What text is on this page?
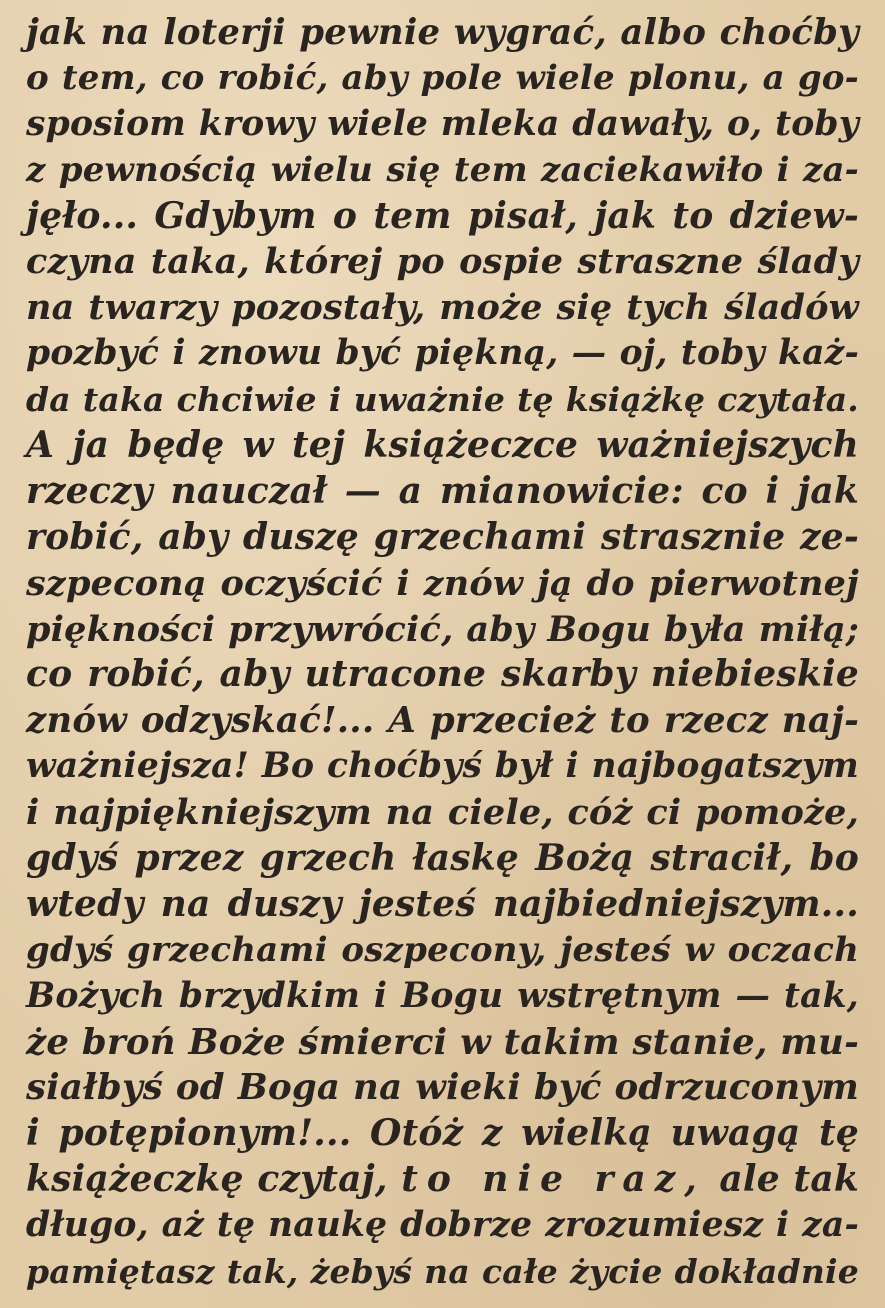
jak na loterji pewnie wygrać, albo choćby
o tem, co robić, aby pole wiele plonu, a go-
sposiom krowy wiele mleka dawały, o, toby
z pewnością wielu się tem zaciekawiło i za-
jęło... Gdybym o tem pisał, jak to dziew-
czyna taka, której po ospie straszne ślady
na twarzy pozostały, może się tych śladów
pozbyć i znowu być piękną, — oj, toby każ-
da taka chciwie i uważnie tę książkę czytała.
A ja będę w tej książeczce ważniejszych
rzeczy nauczał — a mianowicie: co i jak
robić, aby duszę grzechami strasznie ze-
szpeconą oczyścić i znów ją do pierwotnej
piękności przywrócić, aby Bogu była miłą;
co robić, aby utracone skarby niebieskie
znów odzyskać!... A przecież to rzecz naj-
ważniejsza! Bo choćbyś był i najbogatszym
i najpiękniejszym na ciele, cóż ci pomoże,
gdyś przez grzech łaskę Bożą stracił, bo
wtedy na duszy jesteś najbiedniejszym...
gdyś grzechami oszpecony, jesteś w oczach
Bożych brzydkim i Bogu wstrętnym — tak,
że broń Boże śmierci w takim stanie, mu-
siałbyś od Boga na wieki być odrzuconym
i potępionym!... Otóż z wielką uwagą tę
książeczkę czytaj, to nie raz, ale tak
długo, aż tę naukę dobrze zrozumiesz i za-
pamiętasz tak, żebyś na całe życie dokładnie
